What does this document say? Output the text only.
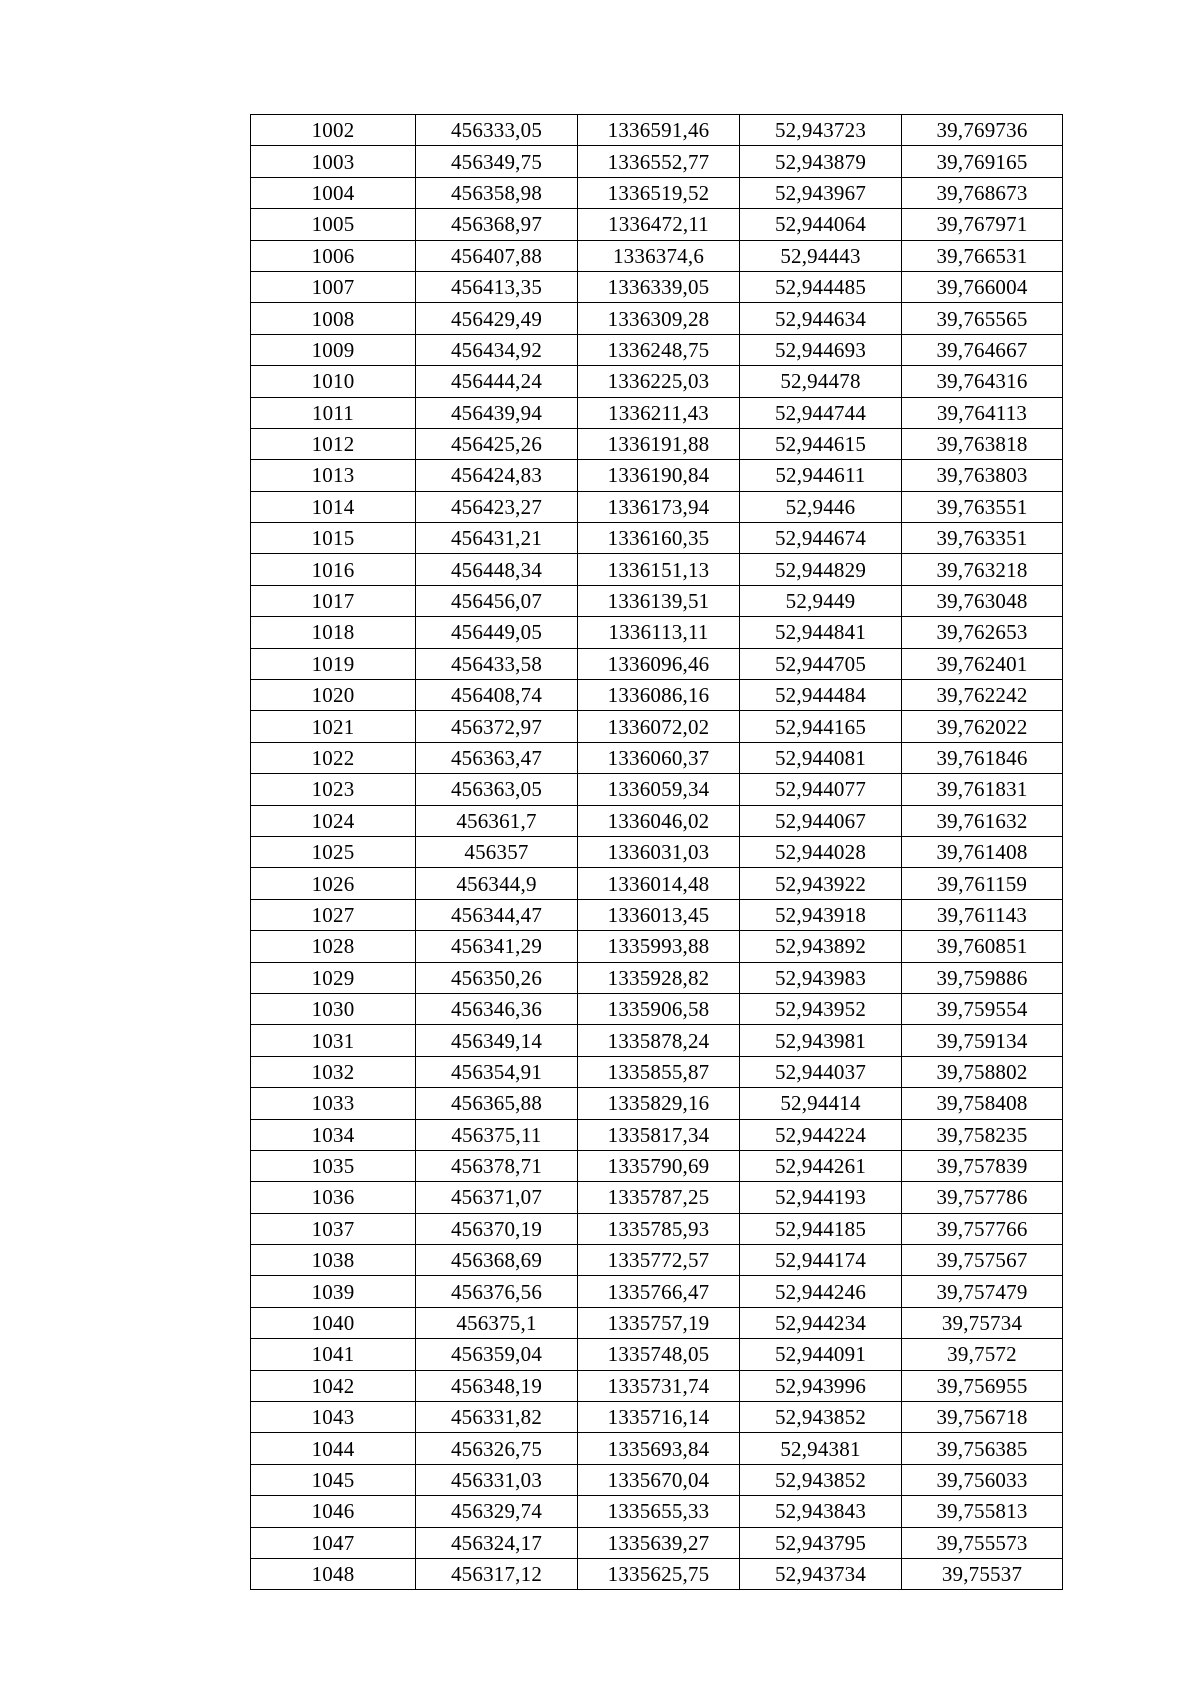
1002	456333,05	1336591,46	52,943723	39,769736
1003	456349,75	1336552,77	52,943879	39,769165
1004	456358,98	1336519,52	52,943967	39,768673
1005	456368,97	1336472,11	52,944064	39,767971
1006	456407,88	1336374,6	52,94443	39,766531
1007	456413,35	1336339,05	52,944485	39,766004
1008	456429,49	1336309,28	52,944634	39,765565
1009	456434,92	1336248,75	52,944693	39,764667
1010	456444,24	1336225,03	52,94478	39,764316
1011	456439,94	1336211,43	52,944744	39,764113
1012	456425,26	1336191,88	52,944615	39,763818
1013	456424,83	1336190,84	52,944611	39,763803
1014	456423,27	1336173,94	52,9446	39,763551
1015	456431,21	1336160,35	52,944674	39,763351
1016	456448,34	1336151,13	52,944829	39,763218
1017	456456,07	1336139,51	52,9449	39,763048
1018	456449,05	1336113,11	52,944841	39,762653
1019	456433,58	1336096,46	52,944705	39,762401
1020	456408,74	1336086,16	52,944484	39,762242
1021	456372,97	1336072,02	52,944165	39,762022
1022	456363,47	1336060,37	52,944081	39,761846
1023	456363,05	1336059,34	52,944077	39,761831
1024	456361,7	1336046,02	52,944067	39,761632
1025	456357	1336031,03	52,944028	39,761408
1026	456344,9	1336014,48	52,943922	39,761159
1027	456344,47	1336013,45	52,943918	39,761143
1028	456341,29	1335993,88	52,943892	39,760851
1029	456350,26	1335928,82	52,943983	39,759886
1030	456346,36	1335906,58	52,943952	39,759554
1031	456349,14	1335878,24	52,943981	39,759134
1032	456354,91	1335855,87	52,944037	39,758802
1033	456365,88	1335829,16	52,94414	39,758408
1034	456375,11	1335817,34	52,944224	39,758235
1035	456378,71	1335790,69	52,944261	39,757839
1036	456371,07	1335787,25	52,944193	39,757786
1037	456370,19	1335785,93	52,944185	39,757766
1038	456368,69	1335772,57	52,944174	39,757567
1039	456376,56	1335766,47	52,944246	39,757479
1040	456375,1	1335757,19	52,944234	39,75734
1041	456359,04	1335748,05	52,944091	39,7572
1042	456348,19	1335731,74	52,943996	39,756955
1043	456331,82	1335716,14	52,943852	39,756718
1044	456326,75	1335693,84	52,94381	39,756385
1045	456331,03	1335670,04	52,943852	39,756033
1046	456329,74	1335655,33	52,943843	39,755813
1047	456324,17	1335639,27	52,943795	39,755573
1048	456317,12	1335625,75	52,943734	39,75537
